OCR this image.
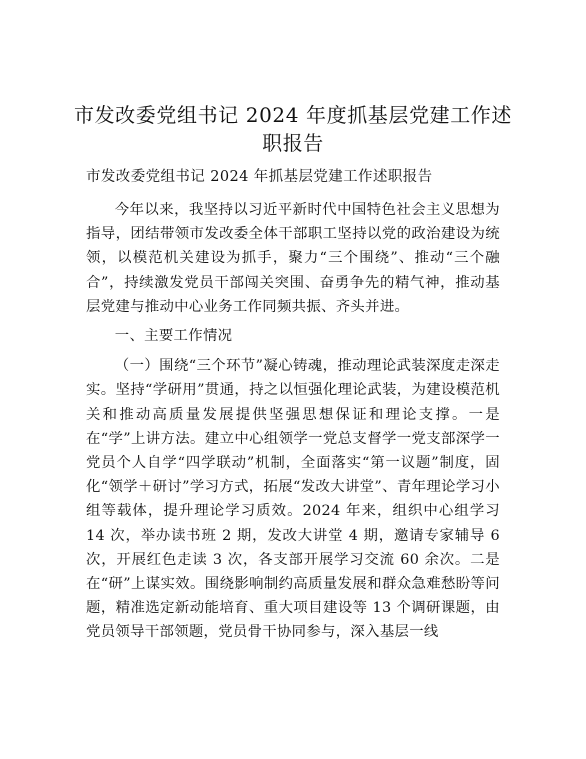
市发改委党组书记 2024 年度抓基层党建工作述职报告

市发改委党组书记 2024 年抓基层党建工作述职报告

今年以来，我坚持以习近平新时代中国特色社会主义思想为指导，团结带领市发改委全体干部职工坚持以党的政治建设为统领，以模范机关建设为抓手，聚力“三个围绕”、推动“三个融合”，持续激发党员干部闯关突围、奋勇争先的精气神，推动基层党建与推动中心业务工作同频共振、齐头并进。

一、主要工作情况

（一）围绕“三个环节”凝心铸魂，推动理论武装深度走深走实。坚持“学研用”贯通，持之以恒强化理论武装，为建设模范机关和推动高质量发展提供坚强思想保证和理论支撑。一是在“学”上讲方法。建立中心组领学一党总支督学一党支部深学一党员个人自学“四学联动”机制，全面落实“第一议题”制度，固化“领学＋研讨”学习方式，拓展“发改大讲堂”、青年理论学习小组等载体，提升理论学习质效。2024 年来，组织中心组学习 14 次，举办读书班 2 期，发改大讲堂 4 期，邀请专家辅导 6 次，开展红色走读 3 次，各支部开展学习交流 60 余次。二是在“研”上谋实效。围绕影响制约高质量发展和群众急难愁盼等问题，精准选定新动能培育、重大项目建设等 13 个调研课题，由党员领导干部领题，党员骨干协同参与，深入基层一线
